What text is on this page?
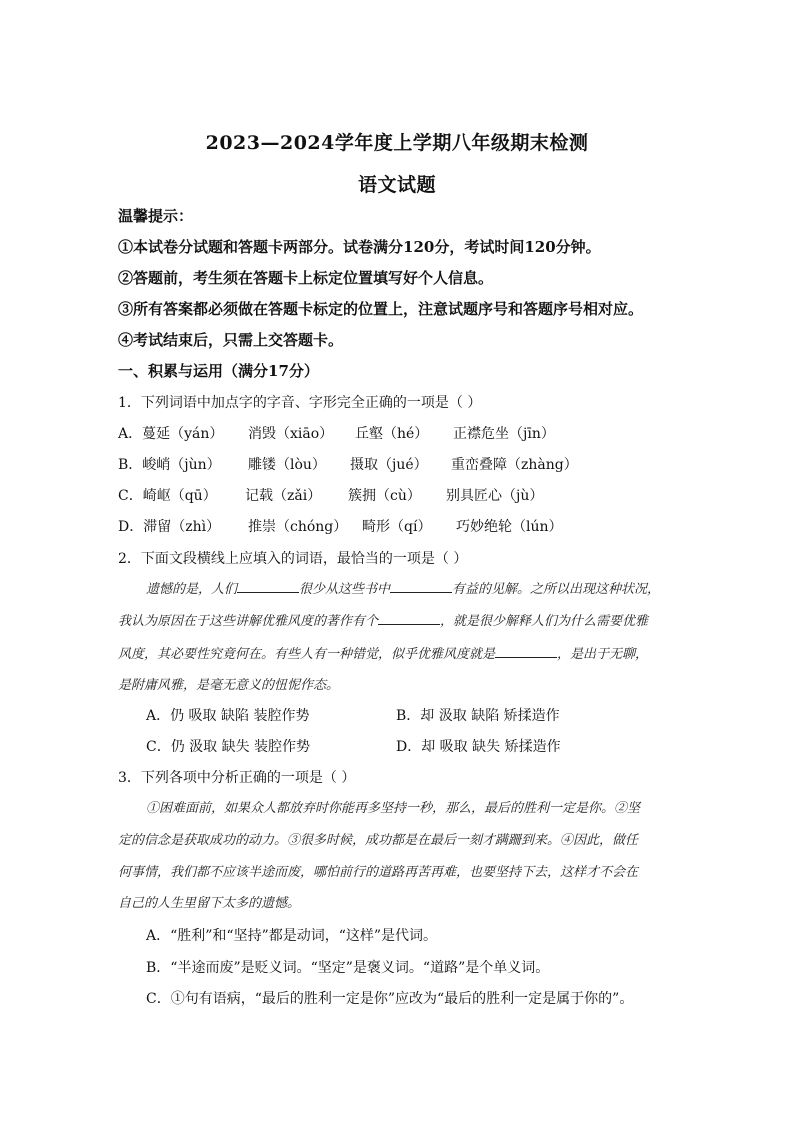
2023—2024学年度上学期八年级期末检测
语文试题
温馨提示：
①本试卷分试题和答题卡两部分。试卷满分120分，考试时间120分钟。
②答题前，考生须在答题卡上标定位置填写好个人信息。
③所有答案都必须做在答题卡标定的位置上，注意试题序号和答题序号相对应。
④考试结束后，只需上交答题卡。
一、积累与运用（满分17分）
1．下列词语中加点字的字音、字形完全正确的一项是（ ）
A．蔓延（yán） 消毁（xiāo） 丘壑（hé） 正襟危坐（jīn）
B．峻峭（jùn） 雕镂（lòu） 摄取（jué） 重峦叠障（zhàng）
C．崎岖（qū） 记载（zǎi） 簇拥（cù） 别具匠心（jù）
D．滞留（zhì） 推崇（chóng） 畸形（qí） 巧妙绝轮（lún）
2．下面文段横线上应填入的词语，最恰当的一项是（ ）
遗憾的是，人们	很少从这些书中	有益的见解。之所以出现这种状况，
我认为原因在于这些讲解优雅风度的著作有个	，就是很少解释人们为什么需要优雅
风度，其必要性究竟何在。有些人有一种错觉，似乎优雅风度就是	，是出于无聊，
是附庸风雅，是毫无意义的忸怩作态。
A．仍 吸取 缺陷 装腔作势	B．却 汲取 缺陷 矫揉造作
C．仍 汲取 缺失 装腔作势	D．却 吸取 缺失 矫揉造作
3．下列各项中分析正确的一项是（ ）
①困难面前，如果众人都放弃时你能再多坚持一秒，那么，最后的胜利一定是你。②坚
定的信念是获取成功的动力。③很多时候，成功都是在最后一刻才蹒跚到来。④因此，做任
何事情，我们都不应该半途而废，哪怕前行的道路再苦再难，也要坚持下去，这样才不会在
自己的人生里留下太多的遗憾。
A．“胜利”和“坚持”都是动词，“这样”是代词。
B．“半途而废”是贬义词。“坚定”是褒义词。“道路”是个单义词。
C．①句有语病，“最后的胜利一定是你”应改为“最后的胜利一定是属于你的”。
